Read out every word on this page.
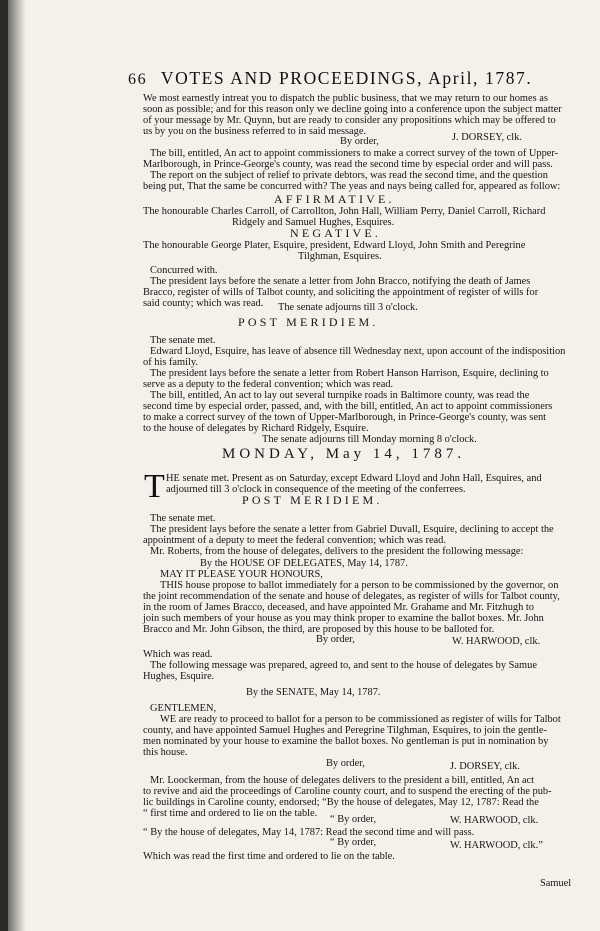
66 VOTES AND PROCEEDINGS, April, 1787.
T
We most earnestly intreat you to dispatch the public business, that we may return to our homes as
soon as possible; and for this reason only we decline going into a conference upon the subject matter
of your message by Mr. Quynn, but are ready to consider any propositions which may be offered to
us by you on the business referred to in said message.
By order,	J. DORSEY, clk.
The bill, entitled, An act to appoint commissioners to make a correct survey of the town of Upper-
Marlborough, in Prince-George's county, was read the second time by especial order and will pass.
The report on the subject of relief to private debtors, was read the second time, and the question
being put, That the same be concurred with? The yeas and nays being called for, appeared as follow:
AFFIRMATIVE.
The honourable Charles Carroll, of Carrollton, John Hall, William Perry, Daniel Carroll, Richard
Ridgely and Samuel Hughes, Esquires.
NEGATIVE.
The honourable George Plater, Esquire, president, Edward Lloyd, John Smith and Peregrine
Tilghman, Esquires.
Concurred with.
The president lays before the senate a letter from John Bracco, notifying the death of James
Bracco, register of wills of Talbot county, and soliciting the appointment of register of wills for
said county; which was read. The senate adjourns till 3 o'clock.
POST MERIDIEM.
The senate met.
Edward Lloyd, Esquire, has leave of absence till Wednesday next, upon account of the indisposition
of his family.
The president lays before the senate a letter from Robert Hanson Harrison, Esquire, declining to
serve as a deputy to the federal convention; which was read.
The bill, entitled, An act to lay out several turnpike roads in Baltimore county, was read the
second time by especial order, passed, and, with the bill, entitled, An act to appoint commissioners
to make a correct survey of the town of Upper-Marlborough, in Prince-George's county, was sent
to the house of delegates by Richard Ridgely, Esquire.
The senate adjourns till Monday morning 8 o'clock.
MONDAY, May 14, 1787.
HE senate met. Present as on Saturday, except Edward Lloyd and John Hall, Esquires, and
adjourned till 3 o'clock in consequence of the meeting of the conferrees.
POST MERIDIEM.
The senate met.
The president lays before the senate a letter from Gabriel Duvall, Esquire, declining to accept the
appointment of a deputy to meet the federal convention; which was read.
Mr. Roberts, from the house of delegates, delivers to the president the following message:
By the HOUSE OF DELEGATES, May 14, 1787.
MAY IT PLEASE YOUR HONOURS,
THIS house propose to ballot immediately for a person to be commissioned by the governor, on
the joint recommendation of the senate and house of delegates, as register of wills for Talbot county,
in the room of James Bracco, deceased, and have appointed Mr. Grahame and Mr. Fitzhugh to
join such members of your house as you may think proper to examine the ballot boxes. Mr. John
Bracco and Mr. John Gibson, the third, are proposed by this house to be balloted for.
By order,	W. HARWOOD, clk.
Which was read.
The following message was prepared, agreed to, and sent to the house of delegates by Samue
Hughes, Esquire.
By the SENATE, May 14, 1787.
GENTLEMEN,
WE are ready to proceed to ballot for a person to be commissioned as register of wills for Talbot
county, and have appointed Samuel Hughes and Peregrine Tilghman, Esquires, to join the gentle-
men nominated by your house to examine the ballot boxes. No gentleman is put in nomination by
this house.
By order,	J. DORSEY, clk.
Mr. Loockerman, from the house of delegates delivers to the president a bill, entitled, An act
to revive and aid the proceedings of Caroline county court, and to suspend the erecting of the pub-
lic buildings in Caroline county, endorsed; “By the house of delegates, May 12, 1787: Read the
“ first time and ordered to lie on the table.
“ By order,	W. HARWOOD, clk.
“ By the house of delegates, May 14, 1787: Read the second time and will pass.
“ By order,	W. HARWOOD, clk.”
Which was read the first time and ordered to lie on the table.
Samuel
